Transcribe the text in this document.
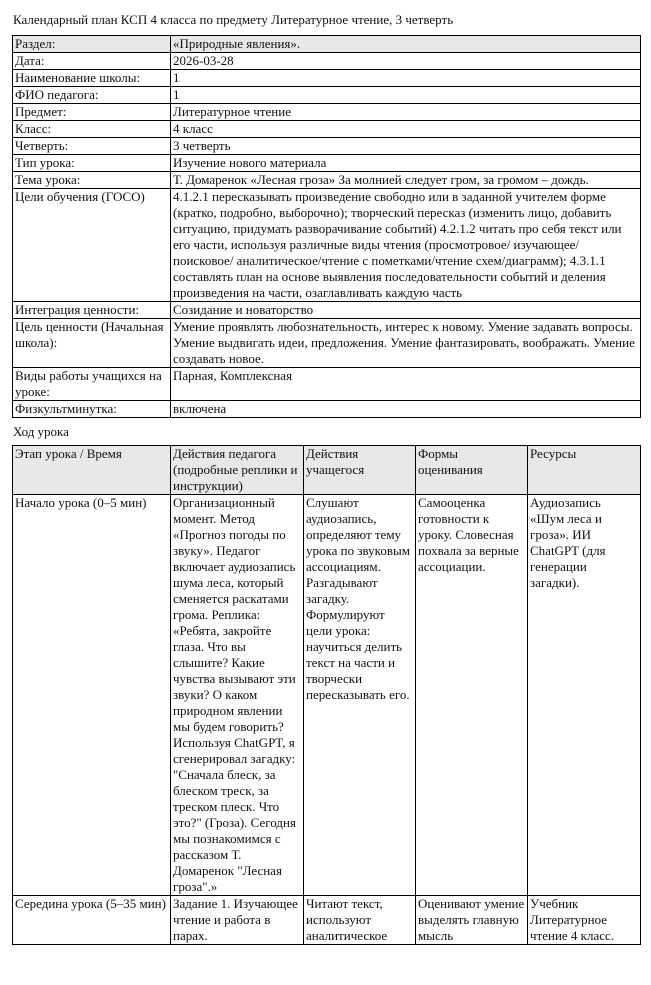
Календарный план КСП 4 класса по предмету Литературное чтение, 3 четверть
Раздел:	«Природные явления».
Дата:	2026-03-28
Наименование школы:	1
ФИО педагога:	1
Предмет:	Литературное чтение
Класс:	4 класс
Четверть:	3 четверть
Тип урока:	Изучение нового материала
Тема урока:	Т. Домаренок «Лесная гроза» За молнией следует гром, за громом – дождь.
Цели обучения (ГОСО)	4.1.2.1 пересказывать произведение свободно или в заданной учителем форме (кратко, подробно, выборочно); творческий пересказ (изменить лицо, добавить ситуацию, придумать разворачивание событий) 4.2.1.2 читать про себя текст или его части, используя различные виды чтения (просмотровое/ изучающее/поисковое/ аналитическое/чтение с пометками/чтение схем/диаграмм); 4.3.1.1 составлять план на основе выявления последовательности событий и деления произведения на части, озаглавливать каждую часть
Интеграция ценности:	Созидание и новаторство
Цель ценности (Начальная школа):	Умение проявлять любознательность, интерес к новому. Умение задавать вопросы. Умение выдвигать идеи, предложения. Умение фантазировать, воображать. Умение создавать новое.
Виды работы учащихся на уроке:	Парная, Комплексная
Физкультминутка:	включена
Ход урока
Этап урока / Время	Действия педагога (подробные реплики и инструкции)	Действия учащегося	Формы оценивания	Ресурсы
Начало урока (0–5 мин)	Организационный момент. Метод «Прогноз погоды по звуку». Педагог включает аудиозапись шума леса, который сменяется раскатами грома. Реплика: «Ребята, закройте глаза. Что вы слышите? Какие чувства вызывают эти звуки? О каком природном явлении мы будем говорить? Используя ChatGPT, я сгенерировал загадку: "Сначала блеск, за блеском треск, за треском плеск. Что это?" (Гроза). Сегодня мы познакомимся с рассказом Т. Домаренок "Лесная гроза".»	Слушают аудиозапись, определяют тему урока по звуковым ассоциациям. Разгадывают загадку. Формулируют цели урока: научиться делить текст на части и творчески пересказывать его.	Самооценка готовности к уроку. Словесная похвала за верные ассоциации.	Аудиозапись «Шум леса и гроза». ИИ ChatGPT (для генерации загадки).
Середина урока (5–35 мин)	Задание 1. Изучающее чтение и работа в парах.	Читают текст, используют аналитическое	Оценивают умение выделять главную мысль	Учебник Литературное чтение 4 класс.
